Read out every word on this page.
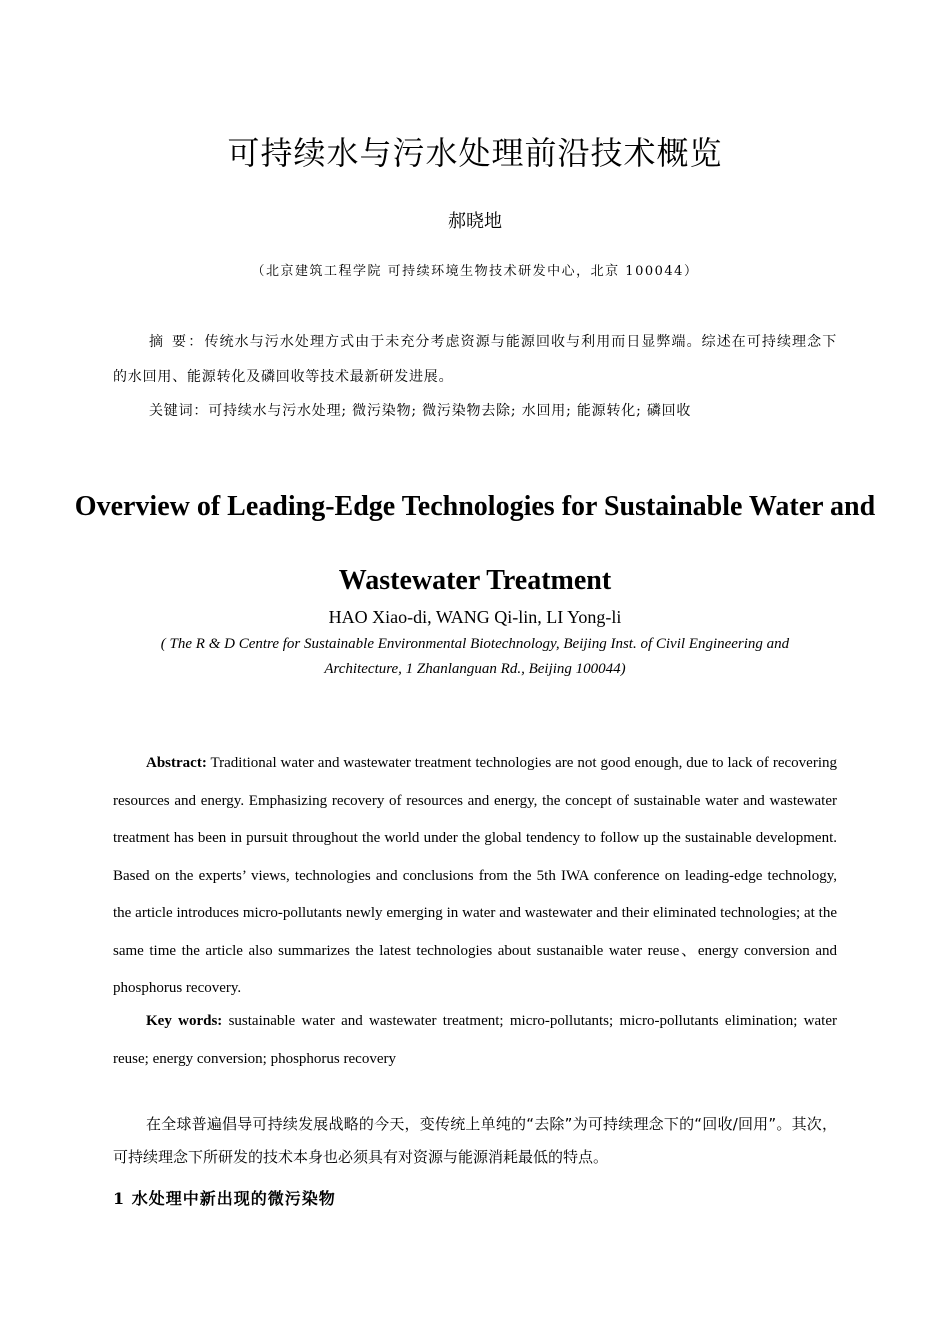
可持续水与污水处理前沿技术概览
郝晓地
（北京建筑工程学院 可持续环境生物技术研发中心，北京 100044）
摘 要：传统水与污水处理方式由于未充分考虑资源与能源回收与利用而日显弊端。综述在可持续理念下的水回用、能源转化及磷回收等技术最新研发进展。
关键词：可持续水与污水处理; 微污染物; 微污染物去除; 水回用; 能源转化; 磷回收
Overview of Leading-Edge Technologies for Sustainable Water and Wastewater Treatment
HAO Xiao-di, WANG Qi-lin, LI Yong-li
( The R & D Centre for Sustainable Environmental Biotechnology, Beijing Inst. of Civil Engineering and Architecture, 1 Zhanlanguan Rd., Beijing 100044)
Abstract: Traditional water and wastewater treatment technologies are not good enough, due to lack of recovering resources and energy. Emphasizing recovery of resources and energy, the concept of sustainable water and wastewater treatment has been in pursuit throughout the world under the global tendency to follow up the sustainable development. Based on the experts’ views, technologies and conclusions from the 5th IWA conference on leading-edge technology, the article introduces micro-pollutants newly emerging in water and wastewater and their eliminated technologies; at the same time the article also summarizes the latest technologies about sustanaible water reuse、energy conversion and phosphorus recovery.
Key words: sustainable water and wastewater treatment; micro-pollutants; micro-pollutants elimination; water reuse; energy conversion; phosphorus recovery
在全球普遍倡导可持续发展战略的今天，变传统上单纯的“去除”为可持续理念下的“回收/回用”。其次，可持续理念下所研发的技术本身也必须具有对资源与能源消耗最低的特点。
1 水处理中新出现的微污染物
